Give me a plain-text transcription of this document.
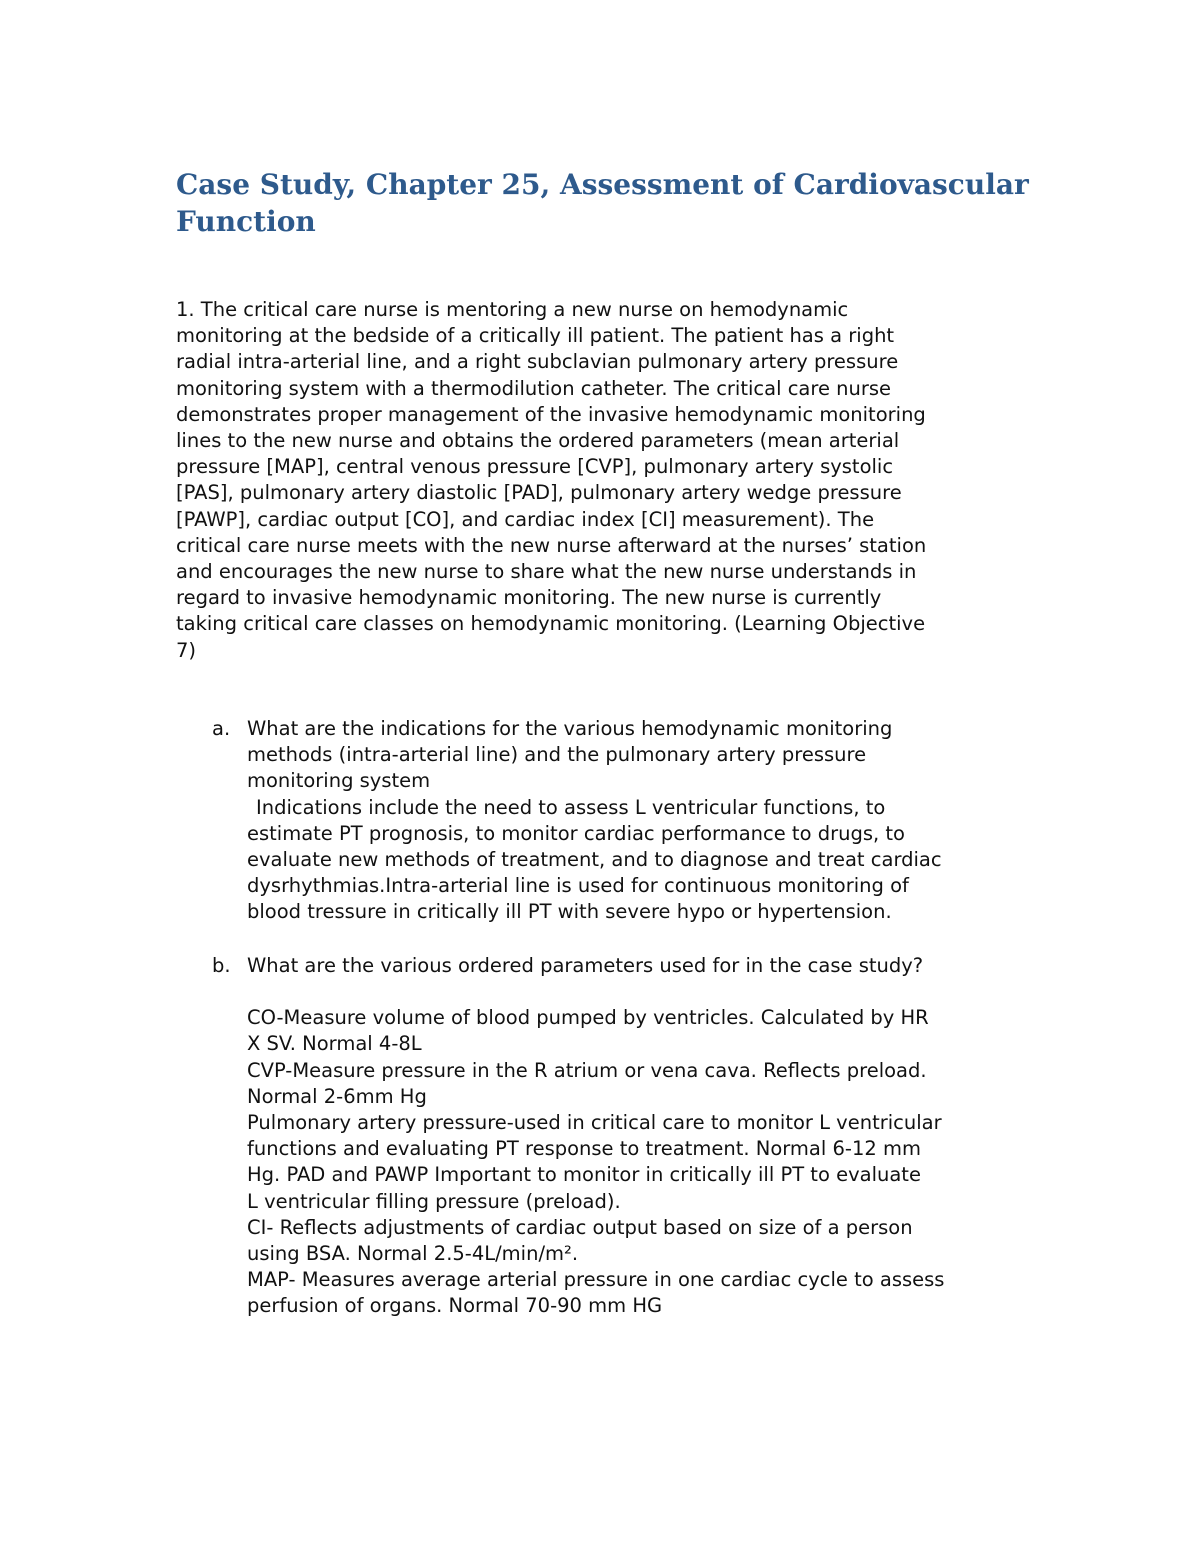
Case Study, Chapter 25, Assessment of Cardiovascular Function

1. The critical care nurse is mentoring a new nurse on hemodynamic
monitoring at the bedside of a critically ill patient. The patient has a right
radial intra-arterial line, and a right subclavian pulmonary artery pressure
monitoring system with a thermodilution catheter. The critical care nurse
demonstrates proper management of the invasive hemodynamic monitoring
lines to the new nurse and obtains the ordered parameters (mean arterial
pressure [MAP], central venous pressure [CVP], pulmonary artery systolic
[PAS], pulmonary artery diastolic [PAD], pulmonary artery wedge pressure
[PAWP], cardiac output [CO], and cardiac index [CI] measurement). The
critical care nurse meets with the new nurse afterward at the nurses’ station
and encourages the new nurse to share what the new nurse understands in
regard to invasive hemodynamic monitoring. The new nurse is currently
taking critical care classes on hemodynamic monitoring. (Learning Objective
7)

a. What are the indications for the various hemodynamic monitoring
methods (intra-arterial line) and the pulmonary artery pressure
monitoring system
Indications include the need to assess L ventricular functions, to
estimate PT prognosis, to monitor cardiac performance to drugs, to
evaluate new methods of treatment, and to diagnose and treat cardiac
dysrhythmias.Intra-arterial line is used for continuous monitoring of
blood tressure in critically ill PT with severe hypo or hypertension.
b. What are the various ordered parameters used for in the case study?
CO-Measure volume of blood pumped by ventricles. Calculated by HR
X SV. Normal 4-8L
CVP-Measure pressure in the R atrium or vena cava. Reflects preload.
Normal 2-6mm Hg
Pulmonary artery pressure-used in critical care to monitor L ventricular
functions and evaluating PT response to treatment. Normal 6-12 mm
Hg. PAD and PAWP Important to monitor in critically ill PT to evaluate
L ventricular filling pressure (preload).
CI- Reflects adjustments of cardiac output based on size of a person
using BSA. Normal 2.5-4L/min/m².
MAP- Measures average arterial pressure in one cardiac cycle to assess
perfusion of organs. Normal 70-90 mm HG
